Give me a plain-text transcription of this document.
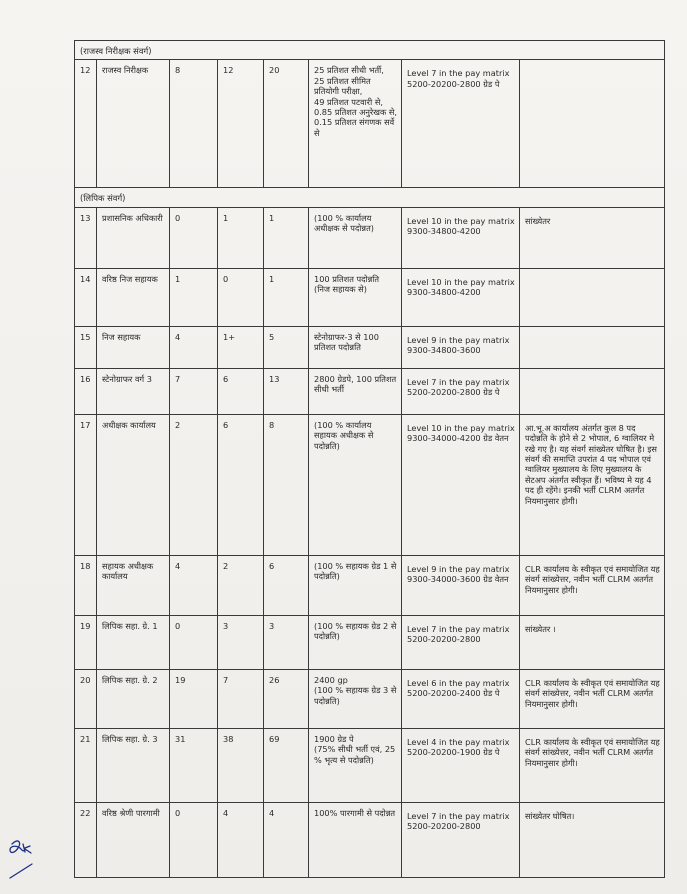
(राजस्व निरीक्षक संवर्ग)							
12	राजस्व निरीक्षक	8	12	20	25 प्रतिशत सीधी भर्ती,
25 प्रतिशत सीमित प्रतियोगी परीक्षा,
49 प्रतिशत पटवारी से, 0.85 प्रतिशत अनुरेखक से, 0.15 प्रतिशत संगणक सर्वे से	Level 7 in the pay matrix
5200-20200-2800 ग्रेड पे	
(लिपिक संवर्ग)							
13	प्रशासनिक अधिकारी	0	1	1	(100 % कार्यालय अधीक्षक से पदोन्नत)	Level 10 in the pay matrix
9300-34800-4200	सांख्येतर
14	वरिष्ठ निज सहायक	1	0	1	100 प्रतिशत पदोन्नति (निज सहायक से)	Level 10 in the pay matrix
9300-34800-4200	
15	निज सहायक	4	1+	5	स्टेनोग्राफर-3 से 100 प्रतिशत पदोन्नति	Level 9 in the pay matrix
9300-34800-3600	
16	स्टेनोग्राफर वर्ग 3	7	6	13	2800 ग्रेडपे, 100 प्रतिशत सीधी भर्ती	Level 7 in the pay matrix
5200-20200-2800 ग्रेड पे	
17	अधीक्षक कार्यालय	2	6	8	(100 % कार्यालय सहायक अधीक्षक से पदोन्नति)	Level 10 in the pay matrix
9300-34000-4200 ग्रेड वेतन	आ.भू.अ कार्यालय अंतर्गत कुल 8 पद पदोन्नति के होने से 2 भोपाल, 6 ग्वालियर मे रखे गए है। यह संवर्ग सांख्येतर घोषित है। इस संवर्ग की समाप्ति उपरांत 4 पद भोपाल एवं ग्वालियर मुख्यालय के लिए मुख्यालय के सेटअप अंतर्गत स्वीकृत हैं। भविष्य मे यह 4 पद ही रहेंगे। इनकी भर्ती CLRM अतर्गत नियमानुसार होगी।
18	सहायक अधीक्षक कार्यालय	4	2	6	(100 % सहायक ग्रेड 1 से पदोन्नति)	Level 9 in the pay matrix
9300-34000-3600 ग्रेड वेतन	CLR कार्यालय के स्वीकृत एवं समायोजित यह संवर्ग सांख्येत्तर, नवीन भर्ती CLRM अतर्गत नियमानुसार होगी।
19	लिपिक सहा. ग्रे. 1	0	3	3	(100 % सहायक ग्रेड 2 से पदोन्नति)	Level 7 in the pay matrix
5200-20200-2800	सांख्येतर ।
20	लिपिक सहा. ग्रे. 2	19	7	26	2400 gp
(100 % सहायक ग्रेड 3 से पदोन्नति)	Level 6 in the pay matrix
5200-20200-2400 ग्रेड पे	CLR कार्यालय के स्वीकृत एवं समायोजित यह संवर्ग सांख्येत्तर, नवीन भर्ती CLRM अतर्गत नियमानुसार होगी।
21	लिपिक सहा. ग्रे. 3	31	38	69	1900 ग्रेड पे
(75% सीधी भर्ती एवं, 25 % भृत्य से पदोन्नति)	Level 4 in the pay matrix
5200-20200-1900 ग्रेड पे	CLR कार्यालय के स्वीकृत एवं समायोजित यह संवर्ग सांख्येत्तर, नवीन भर्ती CLRM अतर्गत नियमानुसार होगी।
22	वरिष्ठ श्रेणी पारगामी	0	4	4	100% पारगामी से पदोन्नत	Level 7 in the pay matrix
5200-20200-2800	सांख्येतर घोषित।
